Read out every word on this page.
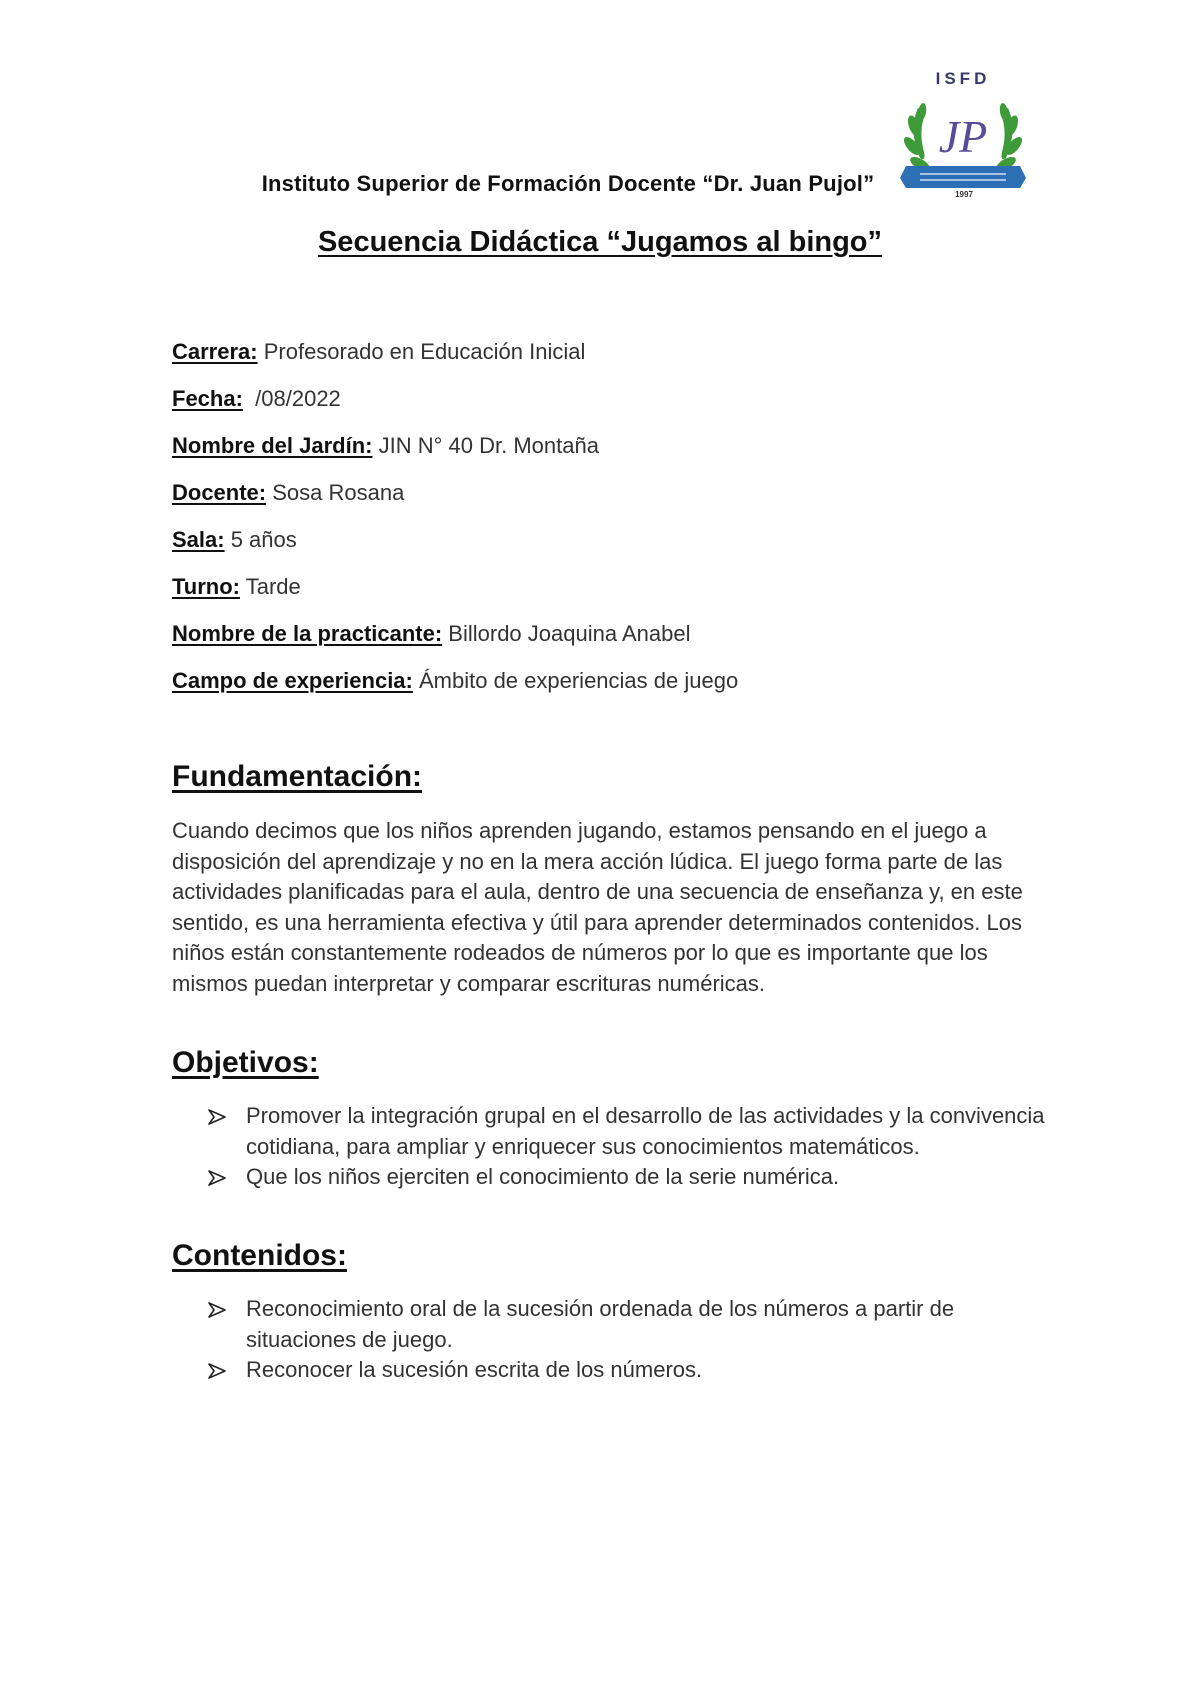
ISFD
JP
1997
Instituto Superior de Formación Docente “Dr. Juan Pujol”
Secuencia Didáctica “Jugamos al bingo”
Carrera: Profesorado en Educación Inicial
Fecha:  /08/2022
Nombre del Jardín: JIN N° 40 Dr. Montaña
Docente: Sosa Rosana
Sala: 5 años
Turno: Tarde
Nombre de la practicante: Billordo Joaquina Anabel
Campo de experiencia: Ámbito de experiencias de juego
Fundamentación:
Cuando decimos que los niños aprenden jugando, estamos pensando en el juego a disposición del aprendizaje y no en la mera acción lúdica. El juego forma parte de las actividades planificadas para el aula, dentro de una secuencia de enseñanza y, en este sentido, es una herramienta efectiva y útil para aprender determinados contenidos. Los niños están constantemente rodeados de números por lo que es importante que los mismos puedan interpretar y comparar escrituras numéricas.
Objetivos:
Promover la integración grupal en el desarrollo de las actividades y la convivencia cotidiana, para ampliar y enriquecer sus conocimientos matemáticos.
Que los niños ejerciten el conocimiento de la serie numérica.
Contenidos:
Reconocimiento oral de la sucesión ordenada de los números a partir de situaciones de juego.
Reconocer la sucesión escrita de los números.
